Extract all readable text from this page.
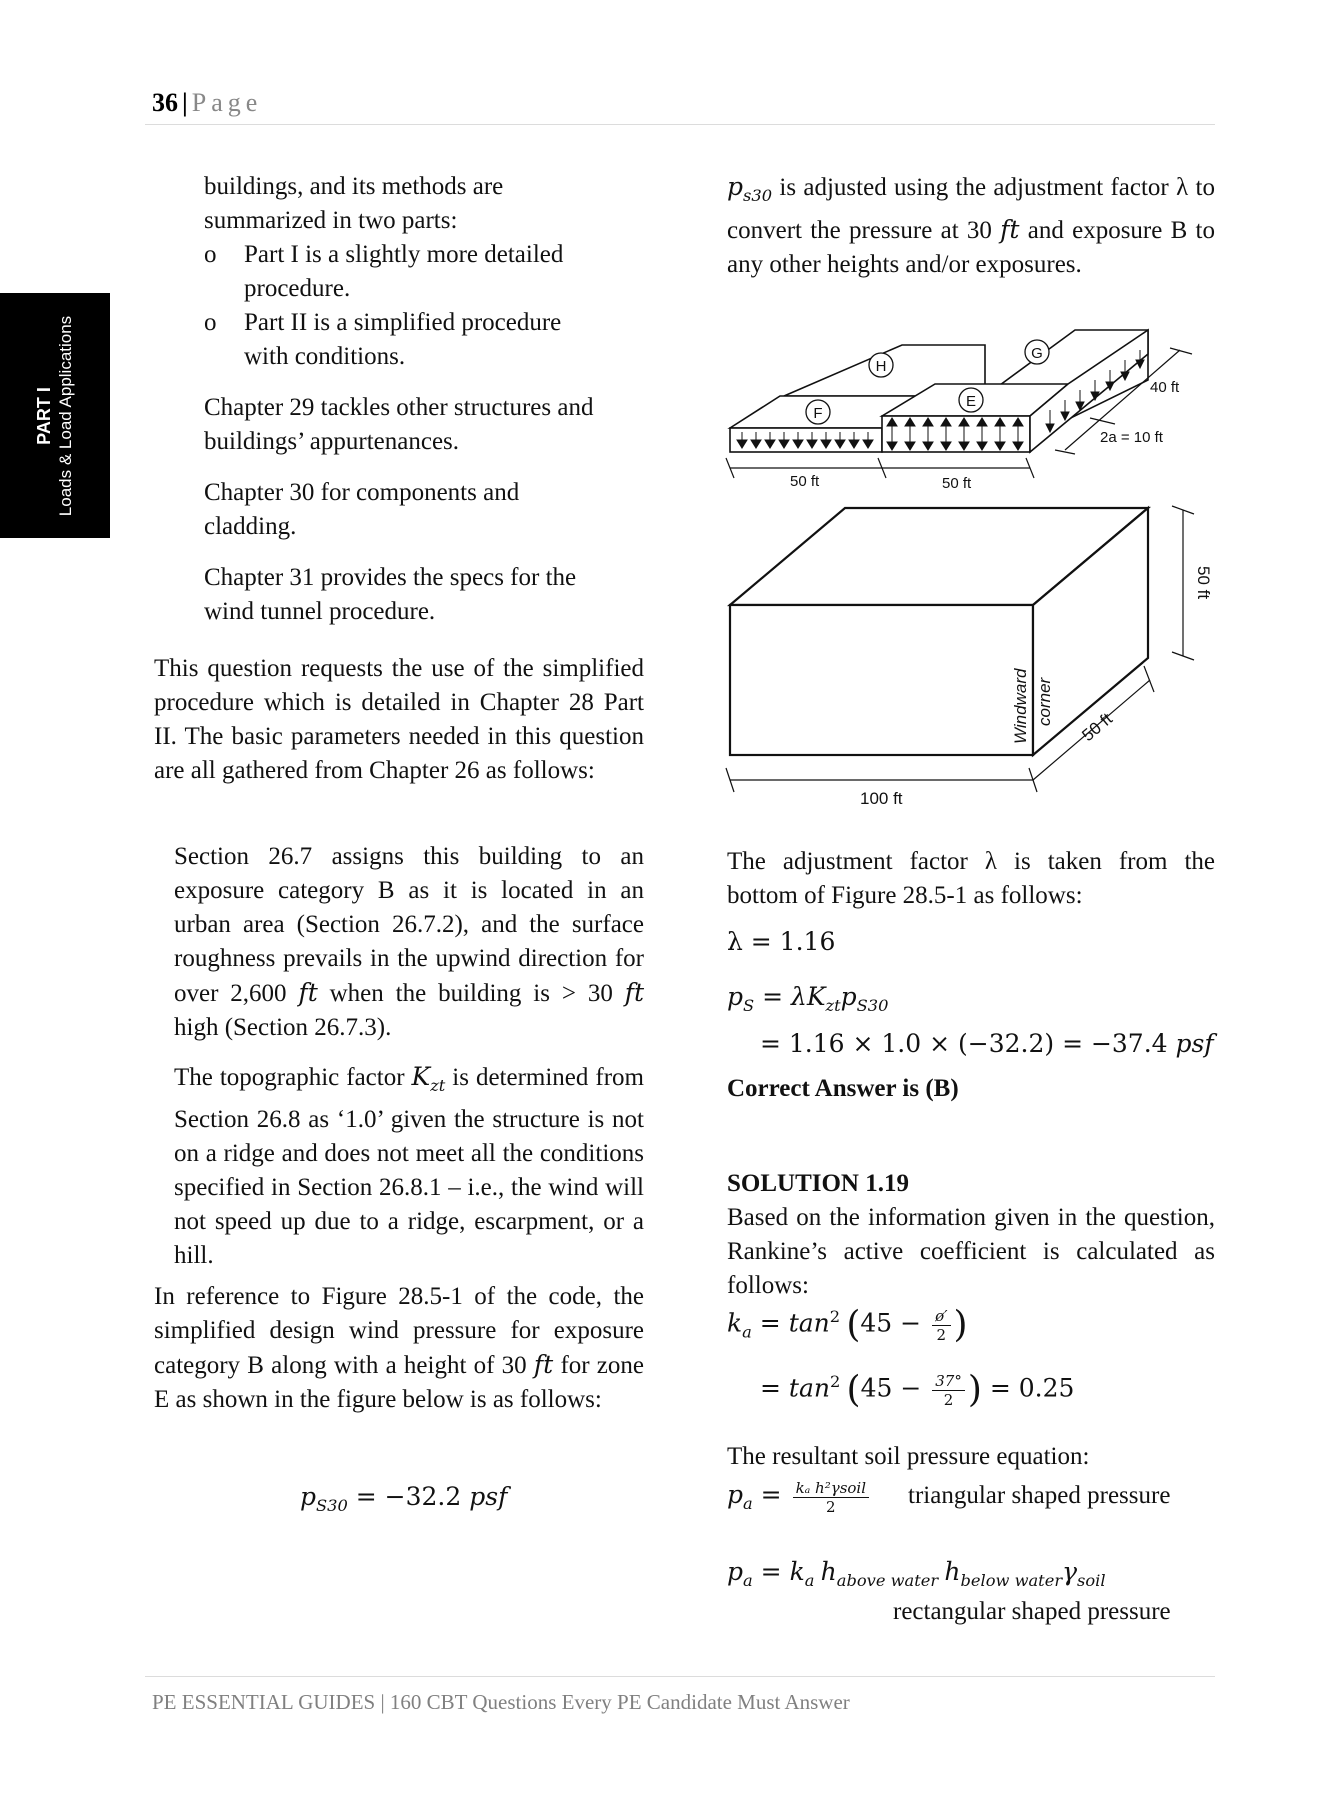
36 | Page
PART I Loads & Load Applications

buildings, and its methods are

summarized in two parts:

o	Part I is a slightly more detailed procedure.
o	Part II is a simplified procedure with conditions.

Chapter 29 tackles other structures and buildings’ appurtenances.

Chapter 30 for components and cladding.

Chapter 31 provides the specs for the wind tunnel procedure.

This question requests the use of the simplified procedure which is detailed in Chapter 28 Part II. The basic parameters needed in this question are all gathered from Chapter 26 as follows:
Section 26.7 assigns this building to an exposure category B as it is located in an urban area (Section 26.7.2), and the surface roughness prevails in the upwind direction for over 2,600 ft when the building is > 30 ft high (Section 26.7.3).
The topographic factor $K_{zt}$ is determined from Section 26.8 as ‘1.0’ given the structure is not on a ridge and does not meet all the conditions specified in Section 26.8.1 – i.e., the wind will not speed up due to a ridge, escarpment, or a hill.
In reference to Figure 28.5-1 of the code, the simplified design wind pressure for exposure category B along with a height of 30 ft for zone E as shown in the figure below is as follows:
$p_{S30} = -32.2$ psf
$p_{s30}$ is adjusted using the adjustment factor λ to convert the pressure at 30 ft and exposure B to any other heights and/or exposures.
H
G
F
E
50 ft	50 ft
40 ft
2a = 10 ft
100 ft
50 ft
50 ft
Windward corner
The adjustment factor λ is taken from the bottom of Figure 28.5-1 as follows:
λ = 1.16
$p_S = \lambda K_{zt}p_{S30}$
= 1.16 × 1.0 × (−32.2) = −37.4 psf
Correct Answer is (B)
SOLUTION 1.19
Based on the information given in the question, Rankine’s active coefficient is calculated as follows:
$k_a = \tan^2 (45 - \frac{ø'}{2}$ )
= $\tan^2 (45 - \frac{37^\circ}{2}$ ) = 0.25
The resultant soil pressure equation:
$p_a = \frac{\text{kₐ h²γsoil}}{2}$ triangular shaped pressure
$p_a = k_a$ $h_{above water}$ $h_{below water}\gamma_{soil}$
rectangular shaped pressure
PE ESSENTIAL GUIDES | 160 CBT Questions Every PE Candidate Must Answer
